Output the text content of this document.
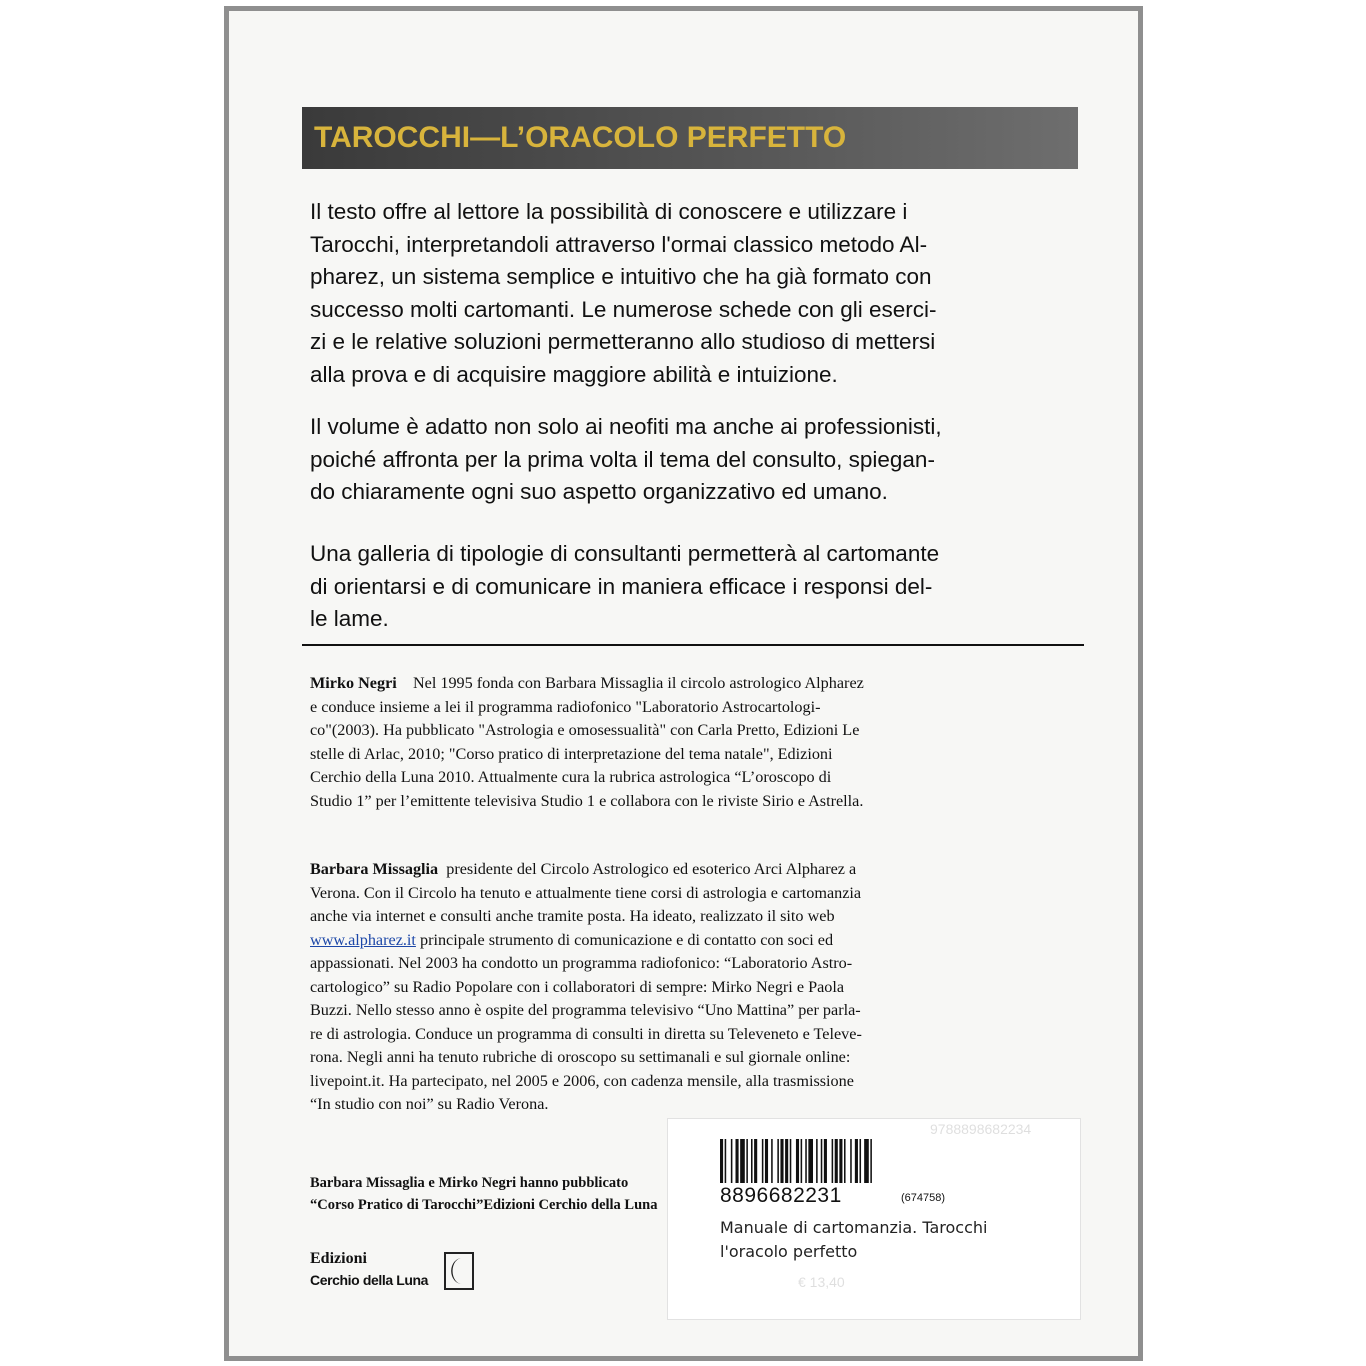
TAROCCHI—L’ORACOLO PERFETTO
Il testo offre al lettore la possibilità di conoscere e utilizzare i
Tarocchi, interpretandoli attraverso l'ormai classico metodo Al-
pharez, un sistema semplice e intuitivo che ha già formato con
successo molti cartomanti. Le numerose schede con gli eserci-
zi e le relative soluzioni permetteranno allo studioso di mettersi
alla prova e di acquisire maggiore abilità e intuizione.
Il volume è adatto non solo ai neofiti ma anche ai professionisti,
poiché affronta per la prima volta il tema del consulto, spiegan-
do chiaramente ogni suo aspetto organizzativo ed umano.
Una galleria di tipologie di consultanti permetterà al cartomante
di orientarsi e di comunicare in maniera efficace i responsi del-
le lame.
Mirko Negri Nel 1995 fonda con Barbara Missaglia il circolo astrologico Alpharez
e conduce insieme a lei il programma radiofonico "Laboratorio Astrocartologi-
co"(2003). Ha pubblicato "Astrologia e omosessualità" con Carla Pretto, Edizioni Le
stelle di Arlac, 2010; "Corso pratico di interpretazione del tema natale", Edizioni
Cerchio della Luna 2010. Attualmente cura la rubrica astrologica “L’oroscopo di
Studio 1” per l’emittente televisiva Studio 1 e collabora con le riviste Sirio e Astrella.
Barbara Missaglia presidente del Circolo Astrologico ed esoterico Arci Alpharez a
Verona. Con il Circolo ha tenuto e attualmente tiene corsi di astrologia e cartomanzia
anche via internet e consulti anche tramite posta. Ha ideato, realizzato il sito web
www.alpharez.it principale strumento di comunicazione e di contatto con soci ed
appassionati. Nel 2003 ha condotto un programma radiofonico: “Laboratorio Astro-
cartologico” su Radio Popolare con i collaboratori di sempre: Mirko Negri e Paola
Buzzi. Nello stesso anno è ospite del programma televisivo “Uno Mattina” per parla-
re di astrologia. Conduce un programma di consulti in diretta su Televeneto e Televe-
rona. Negli anni ha tenuto rubriche di oroscopo su settimanali e sul giornale online:
livepoint.it. Ha partecipato, nel 2005 e 2006, con cadenza mensile, alla trasmissione
“In studio con noi” su Radio Verona.
Barbara Missaglia e Mirko Negri hanno pubblicato
“Corso Pratico di Tarocchi”Edizioni Cerchio della Luna
Edizioni
Cerchio della Luna
9788898682234
8896682231	(674758)
Manuale di cartomanzia. Tarocchi
l'oracolo perfetto
€ 13,40
